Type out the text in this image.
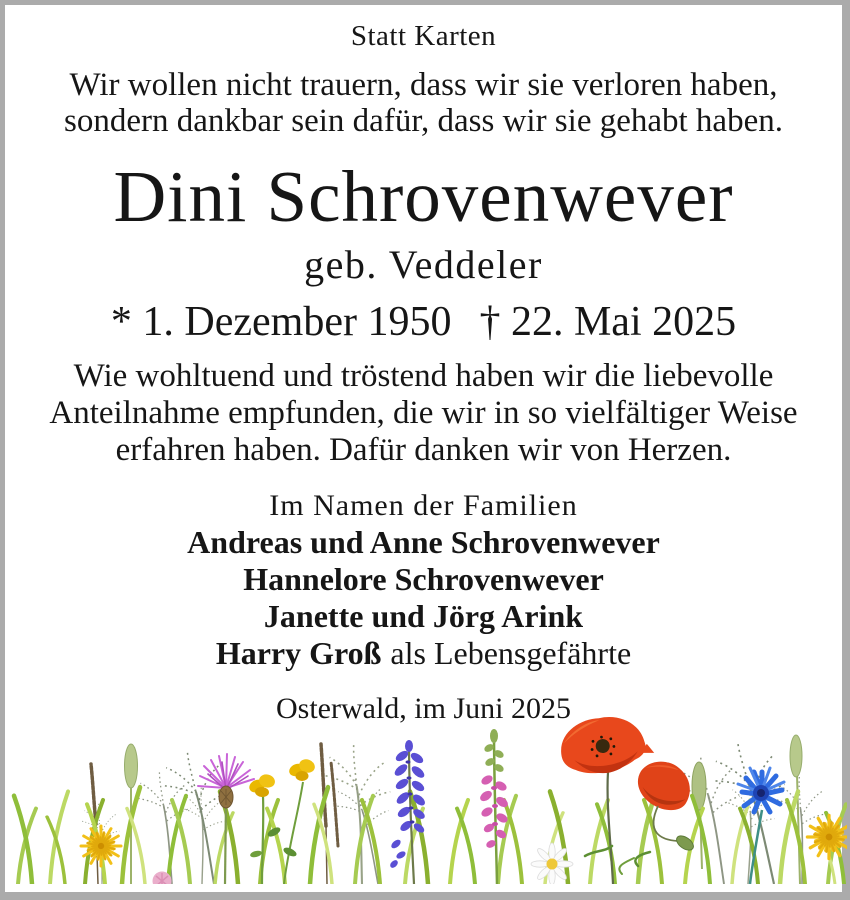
Statt Karten
Wir wollen nicht trauern, dass wir sie verloren haben,
sondern dankbar sein dafür, dass wir sie gehabt haben.
Dini Schrovenwever
geb. Veddeler
* 1. Dezember 1950 † 22. Mai 2025
Wie wohltuend und tröstend haben wir die liebevolle
Anteilnahme empfunden, die wir in so vielfältiger Weise
erfahren haben. Dafür danken wir von Herzen.
Im Namen der Familien
Andreas und Anne Schrovenwever
Hannelore Schrovenwever
Janette und Jörg Arink
Harry Groß als Lebensgefährte
Osterwald, im Juni 2025
